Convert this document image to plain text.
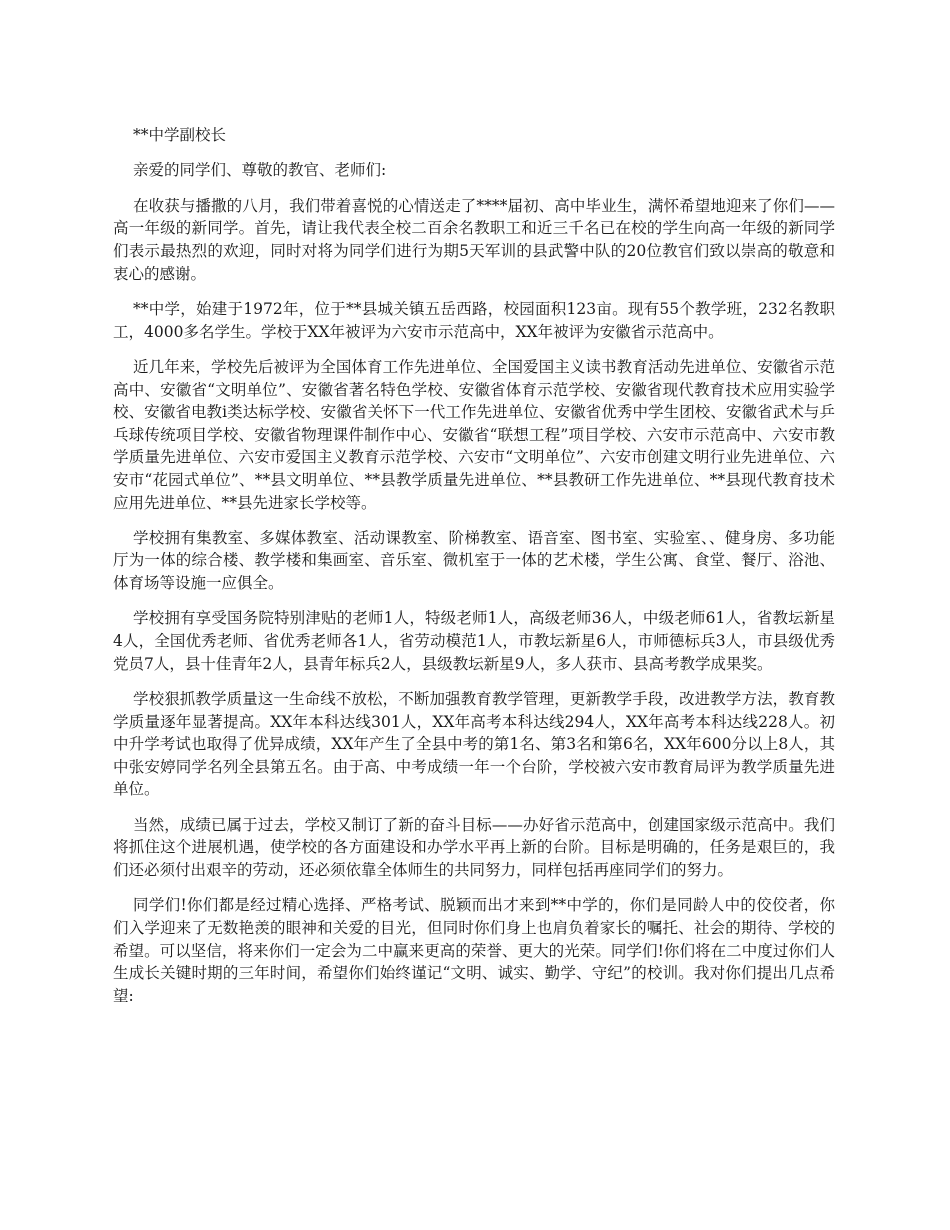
**中学副校长

亲爱的同学们、尊敬的教官、老师们:

在收获与播撒的八月，我们带着喜悦的心情送走了****届初、高中毕业生，满怀希望地迎来了你们——高一年级的新同学。首先，请让我代表全校二百余名教职工和近三千名已在校的学生向高一年级的新同学们表示最热烈的欢迎，同时对将为同学们进行为期5天军训的县武警中队的20位教官们致以崇高的敬意和衷心的感谢。

**中学，始建于1972年，位于**县城关镇五岳西路，校园面积123亩。现有55个教学班，232名教职工，4000多名学生。学校于XX年被评为六安市示范高中，XX年被评为安徽省示范高中。

近几年来，学校先后被评为全国体育工作先进单位、全国爱国主义读书教育活动先进单位、安徽省示范高中、安徽省“文明单位”、安徽省著名特色学校、安徽省体育示范学校、安徽省现代教育技术应用实验学校、安徽省电教i类达标学校、安徽省关怀下一代工作先进单位、安徽省优秀中学生团校、安徽省武术与乒乓球传统项目学校、安徽省物理课件制作中心、安徽省“联想工程”项目学校、六安市示范高中、六安市教学质量先进单位、六安市爱国主义教育示范学校、六安市“文明单位”、六安市创建文明行业先进单位、六安市“花园式单位”、**县文明单位、**县教学质量先进单位、**县教研工作先进单位、**县现代教育技术应用先进单位、**县先进家长学校等。

学校拥有集教室、多媒体教室、活动课教室、阶梯教室、语音室、图书室、实验室、、健身房、多功能厅为一体的综合楼、教学楼和集画室、音乐室、微机室于一体的艺术楼，学生公寓、食堂、餐厅、浴池、体育场等设施一应俱全。

学校拥有享受国务院特别津贴的老师1人，特级老师1人，高级老师36人，中级老师61人，省教坛新星4人，全国优秀老师、省优秀老师各1人，省劳动模范1人，市教坛新星6人，市师德标兵3人，市县级优秀党员7人，县十佳青年2人，县青年标兵2人，县级教坛新星9人，多人获市、县高考教学成果奖。

学校狠抓教学质量这一生命线不放松，不断加强教育教学管理，更新教学手段，改进教学方法，教育教学质量逐年显著提高。XX年本科达线301人，XX年高考本科达线294人，XX年高考本科达线228人。初中升学考试也取得了优异成绩，XX年产生了全县中考的第1名、第3名和第6名，XX年600分以上8人，其中张安婷同学名列全县第五名。由于高、中考成绩一年一个台阶，学校被六安市教育局评为教学质量先进单位。

当然，成绩已属于过去，学校又制订了新的奋斗目标——办好省示范高中，创建国家级示范高中。我们将抓住这个进展机遇，使学校的各方面建设和办学水平再上新的台阶。目标是明确的，任务是艰巨的，我们还必须付出艰辛的劳动，还必须依靠全体师生的共同努力，同样包括再座同学们的努力。

同学们!你们都是经过精心选择、严格考试、脱颖而出才来到**中学的，你们是同龄人中的佼佼者，你们入学迎来了无数艳羡的眼神和关爱的目光，但同时你们身上也肩负着家长的嘱托、社会的期待、学校的希望。可以坚信，将来你们一定会为二中赢来更高的荣誉、更大的光荣。同学们!你们将在二中度过你们人生成长关键时期的三年时间，希望你们始终谨记“文明、诚实、勤学、守纪”的校训。我对你们提出几点希望:
